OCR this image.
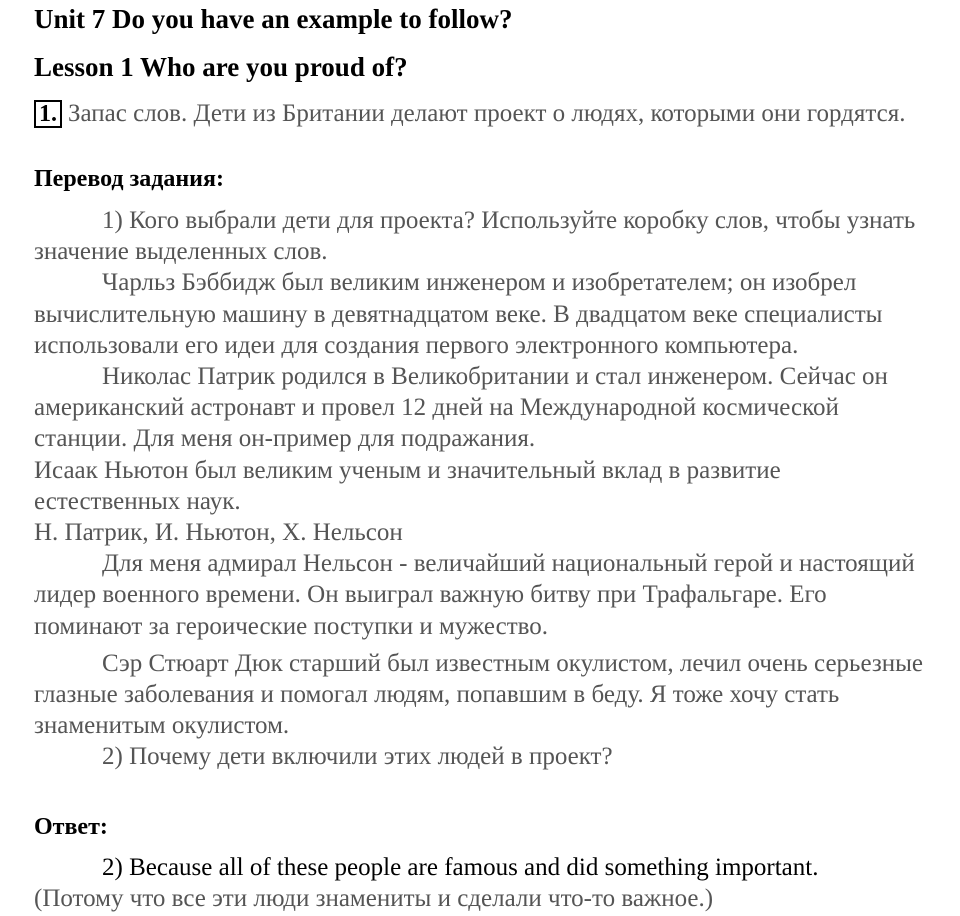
Unit 7 Do you have an example to follow?
Lesson 1 Who are you proud of?
1. Запас слов. Дети из Британии делают проект о людях, которыми они гордятся.
Перевод задания:

1) Кого выбрали дети для проекта? Используйте коробку слов, чтобы узнать значение выделенных слов.

Чарльз Бэббидж был великим инженером и изобретателем; он изобрел вычислительную машину в девятнадцатом веке. В двадцатом веке специалисты использовали его идеи для создания первого электронного компьютера.

Николас Патрик родился в Великобритании и стал инженером. Сейчас он американский астронавт и провел 12 дней на Международной космической станции. Для меня он-пример для подражания.

Исаак Ньютон был великим ученым и значительный вклад в развитие естественных наук.

Н. Патрик, И. Ньютон, Х. Нельсон

Для меня адмирал Нельсон - величайший национальный герой и настоящий лидер военного времени. Он выиграл важную битву при Трафальгаре. Его поминают за героические поступки и мужество.

Сэр Стюарт Дюк старший был известным окулистом, лечил очень серьезные глазные заболевания и помогал людям, попавшим в беду. Я тоже хочу стать знаменитым окулистом.

2) Почему дети включили этих людей в проект?

Ответ:

2) Because all of these people are famous and did something important.

(Потому что все эти люди знамениты и сделали что-то важное.)
